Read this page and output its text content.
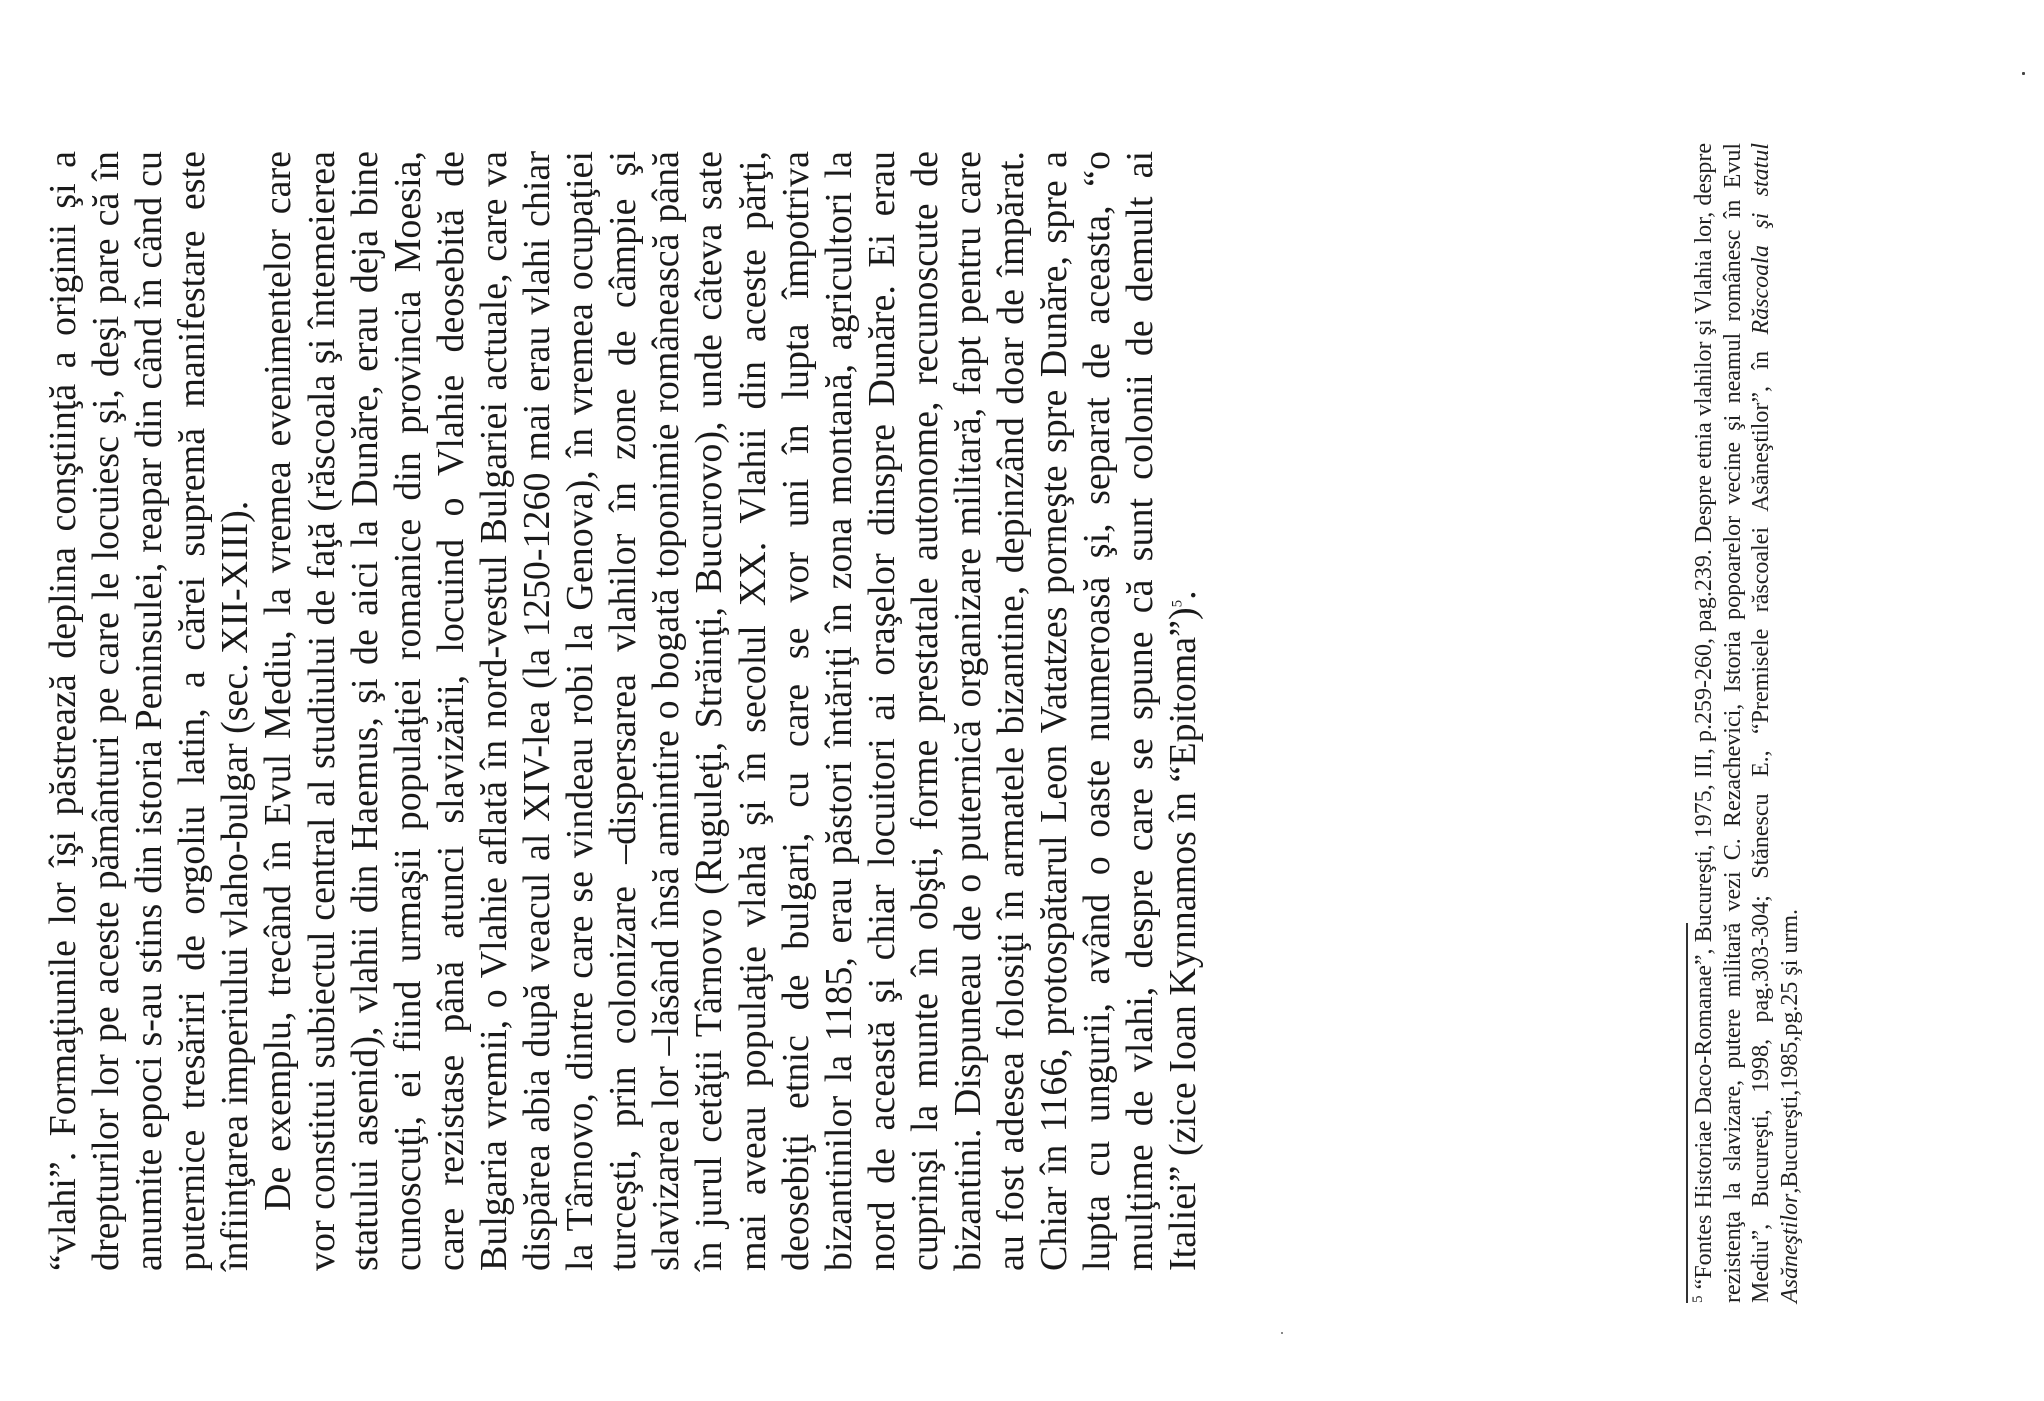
“vlahi”. Formaţiunile lor îşi păstrează deplina conştiinţă a originii şi a drepturilor lor pe aceste pământuri pe care le locuiesc şi, deşi pare că în anumite epoci s-au stins din istoria Peninsulei, reapar din când în când cu puternice tresăriri de orgoliu latin, a cărei supremă manifestare este înfiinţarea imperiului vlaho-bulgar (sec. XII-XIII). De exemplu, trecând în Evul Mediu, la vremea evenimentelor care vor constitui subiectul central al studiului de faţă (răscoala şi întemeierea statului asenid), vlahii din Haemus, şi de aici la Dunăre, erau deja bine cunoscuţi, ei fiind urmaşii populaţiei romanice din provincia Moesia, care rezistase până atunci slavizării, locuind o Vlahie deosebită de Bulgaria vremii, o Vlahie aflată în nord-vestul Bulgariei actuale, care va dispărea abia după veacul al XIV-lea (la 1250-1260 mai erau vlahi chiar la Târnovo, dintre care se vindeau robi la Genova), în vremea ocupaţiei turceşti, prin colonizare –dispersarea vlahilor în zone de câmpie şi slavizarea lor –lăsând însă amintire o bogată toponimie românească până în jurul cetăţii Târnovo (Ruguleţi, Străinţi, Bucurovo), unde câteva sate mai aveau populaţie vlahă şi în secolul XX. Vlahii din aceste părţi, deosebiţi etnic de bulgari, cu care se vor uni în lupta împotriva bizantinilor la 1185, erau păstori întăriţi în zona montană, agricultori la nord de această şi chiar locuitori ai oraşelor dinspre Dunăre. Ei erau cuprinşi la munte în obşti, forme prestatale autonome, recunoscute de bizantini. Dispuneau de o puternică organizare militară, fapt pentru care au fost adesea folosiţi în armatele bizantine, depinzând doar de împărat. Chiar în 1166, protospătarul Leon Vatatzes porneşte spre Dunăre, spre a lupta cu ungurii, având o oaste numeroasă şi, separat de aceasta, “o mulţime de vlahi, despre care se spune că sunt colonii de demult ai Italiei” (zice Ioan Kynnamos în “Epitoma”)$^5$.

$^5$ “Fontes Historiae Daco-Romanae”, Bucureşti, 1975, III, p.259-260, pag.239. Despre etnia vlahilor şi Vlahia lor, despre rezistenţa la slavizare, putere militară vezi C. Rezachevici, Istoria popoarelor vecine şi neamul românesc în Evul Mediu”, Bucureşti, 1998, pag.303-304; Stănescu E., “Premisele răscoalei Asăneştilor”, în Răscoala şi statul Asăneştilor,Bucureşti,1985,pg.25 şi urm.
